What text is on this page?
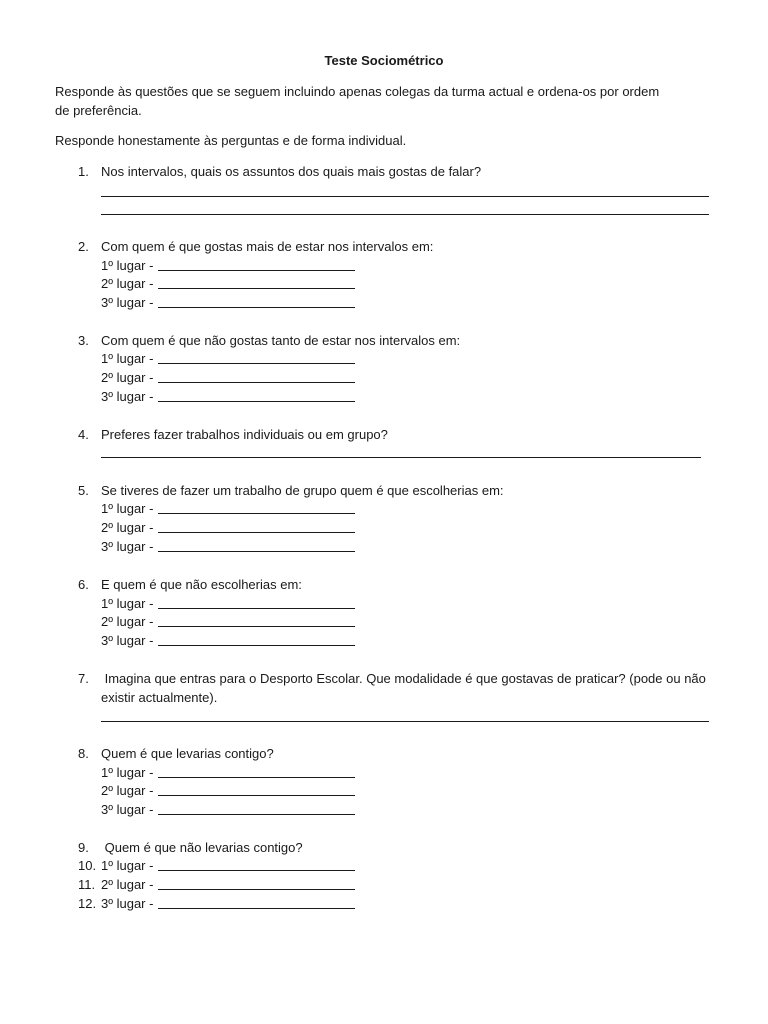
Teste Sociométrico
Responde às questões que se seguem incluindo apenas colegas da turma actual e ordena-os por ordem de preferência.
Responde honestamente às perguntas e de forma individual.
1. Nos intervalos, quais os assuntos dos quais mais gostas de falar?
2. Com quem é que gostas mais de estar nos intervalos em:
1º lugar -
2º lugar -
3º lugar -
3. Com quem é que não gostas tanto de estar nos intervalos em:
1º lugar -
2º lugar -
3º lugar -
4. Preferes fazer trabalhos individuais ou em grupo?
5. Se tiveres de fazer um trabalho de grupo quem é que escolherias em:
1º lugar -
2º lugar -
3º lugar -
6. E quem é que não escolherias em:
1º lugar -
2º lugar -
3º lugar -
7. Imagina que entras para o Desporto Escolar. Que modalidade é que gostavas de praticar? (pode ou não
existir actualmente).
8. Quem é que levarias contigo?
1º lugar -
2º lugar -
3º lugar -
9. Quem é que não levarias contigo?
10. 1º lugar -
11. 2º lugar -
12. 3º lugar -
